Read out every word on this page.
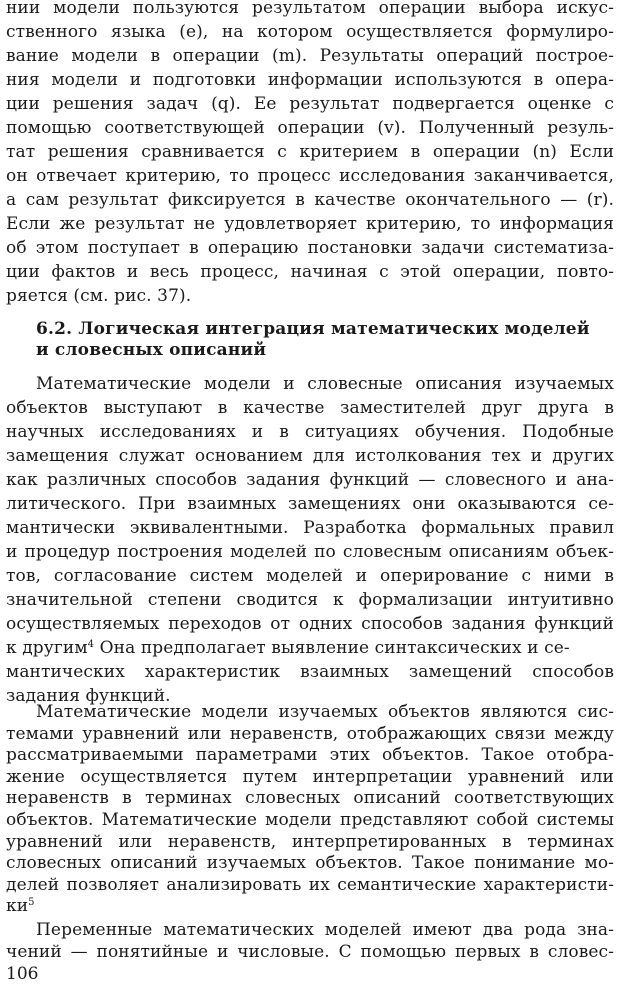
нии модели пользуются результатом операции выбора искус-
ственного языка (е), на котором осуществляется формулиро-
вание модели в операции (m). Результаты операций построе-
ния модели и подготовки информации используются в опера-
ции решения задач (q). Ее результат подвергается оценке с
помощью соответствующей операции (v). Полученный резуль-
тат решения сравнивается с критерием в операции (n) Если
он отвечает критерию, то процесс исследования заканчивается,
а сам результат фиксируется в качестве окончательного — (r).
Если же результат не удовлетворяет критерию, то информация
об этом поступает в операцию постановки задачи систематиза-
ции фактов и весь процесс, начиная с этой операции, повто-
ряется (см. рис. 37).
6.2. Логическая интеграция математических моделей
и словесных описаний
Математические модели и словесные описания изучаемых
объектов выступают в качестве заместителей друг друга в
научных исследованиях и в ситуациях обучения. Подобные
замещения служат основанием для истолкования тех и других
как различных способов задания функций — словесного и ана-
литического. При взаимных замещениях они оказываются се-
мантически эквивалентными. Разработка формальных правил
и процедур построения моделей по словесным описаниям объек-
тов, согласование систем моделей и оперирование с ними в
значительной степени сводится к формализации интуитивно
осуществляемых переходов от одних способов задания функций
к другим$^4$ Она предполагает выявление синтаксических и се-
мантических характеристик взаимных замещений способов
задания функций.
Математические модели изучаемых объектов являются сис-
темами уравнений или неравенств, отображающих связи между
рассматриваемыми параметрами этих объектов. Такое отобра-
жение осуществляется путем интерпретации уравнений или
неравенств в терминах словесных описаний соответствующих
объектов. Математические модели представляют собой системы
уравнений или неравенств, интерпретированных в терминах
словесных описаний изучаемых объектов. Такое понимание мо-
делей позволяет анализировать их семантические характеристи-
$ки^5$
Переменные математических моделей имеют два рода зна-
чений — понятийные и числовые. С помощью первых в словес-
106
